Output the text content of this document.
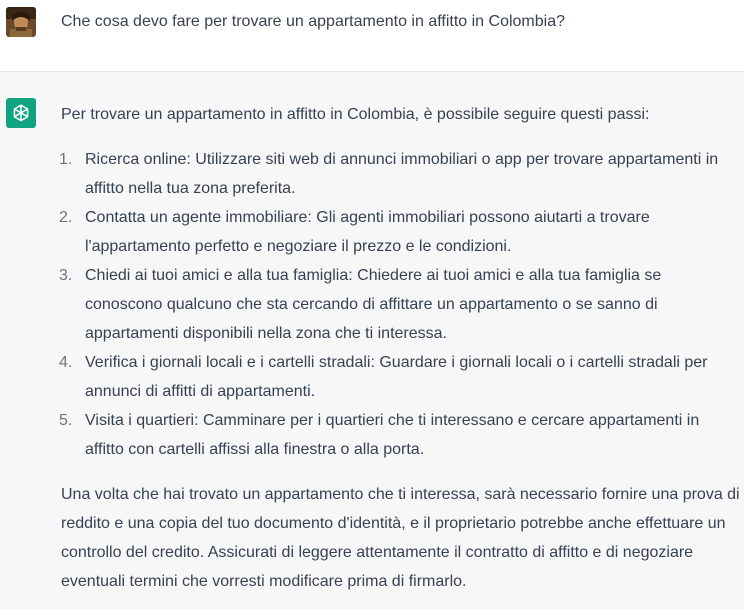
Che cosa devo fare per trovare un appartamento in affitto in Colombia?

Per trovare un appartamento in affitto in Colombia, è possibile seguire questi passi:

1. Ricerca online: Utilizzare siti web di annunci immobiliari o app per trovare appartamenti in affitto nella tua zona preferita.
2. Contatta un agente immobiliare: Gli agenti immobiliari possono aiutarti a trovare l'appartamento perfetto e negoziare il prezzo e le condizioni.
3. Chiedi ai tuoi amici e alla tua famiglia: Chiedere ai tuoi amici e alla tua famiglia se conoscono qualcuno che sta cercando di affittare un appartamento o se sanno di appartamenti disponibili nella zona che ti interessa.
4. Verifica i giornali locali e i cartelli stradali: Guardare i giornali locali o i cartelli stradali per annunci di affitti di appartamenti.
5. Visita i quartieri: Camminare per i quartieri che ti interessano e cercare appartamenti in affitto con cartelli affissi alla finestra o alla porta.

Una volta che hai trovato un appartamento che ti interessa, sarà necessario fornire una prova di reddito e una copia del tuo documento d'identità, e il proprietario potrebbe anche effettuare un controllo del credito. Assicurati di leggere attentamente il contratto di affitto e di negoziare eventuali termini che vorresti modificare prima di firmarlo.
